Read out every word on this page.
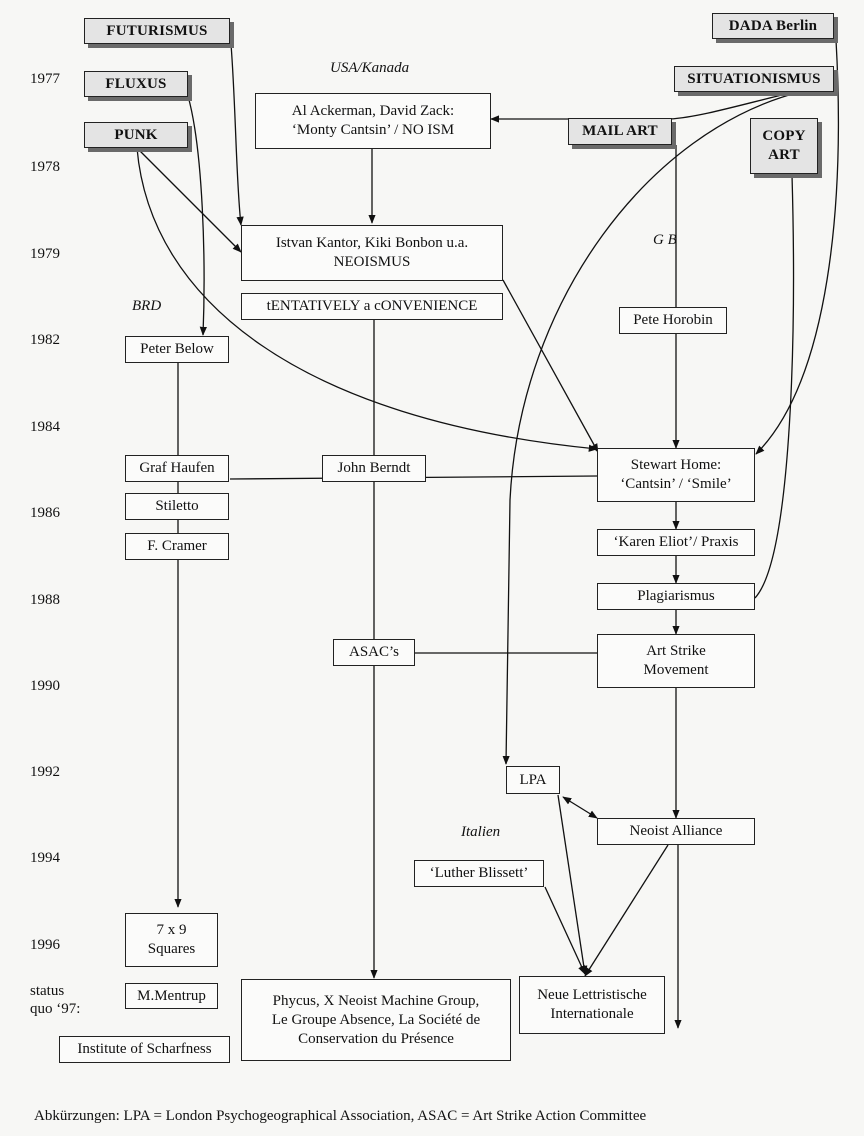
1977
1978
1979
1982
1984
1986
1988
1990
1992
1994
1996
status
quo ‘97:
USA/Kanada
BRD
G B
Italien
FUTURISMUS
FLUXUS
PUNK
DADA Berlin
SITUATIONISMUS
MAIL ART	COPY
ART
Al Ackerman, David Zack:
‘Monty Cantsin’ / NO ISM
Istvan Kantor, Kiki Bonbon u.a.
NEOISMUS
tENTATIVELY a cONVENIENCE
Peter Below
Pete Horobin
Graf Haufen	John Berndt	Stewart Home:
‘Cantsin’ / ‘Smile’
Stiletto
F. Cramer	‘Karen Eliot’/ Praxis
Plagiarismus
ASAC’s	Art Strike
Movement
LPA
Neoist Alliance
‘Luther Blissett’
7 x 9
Squares
M.Mentrup
Institute of Scharfness
Phycus, X Neoist Machine Group,
Le Groupe Absence, La Société de
Conservation du Présence
Neue Lettristische
Internationale
Abkürzungen: LPA = London Psychogeographical Association, ASAC = Art Strike Action Committee
